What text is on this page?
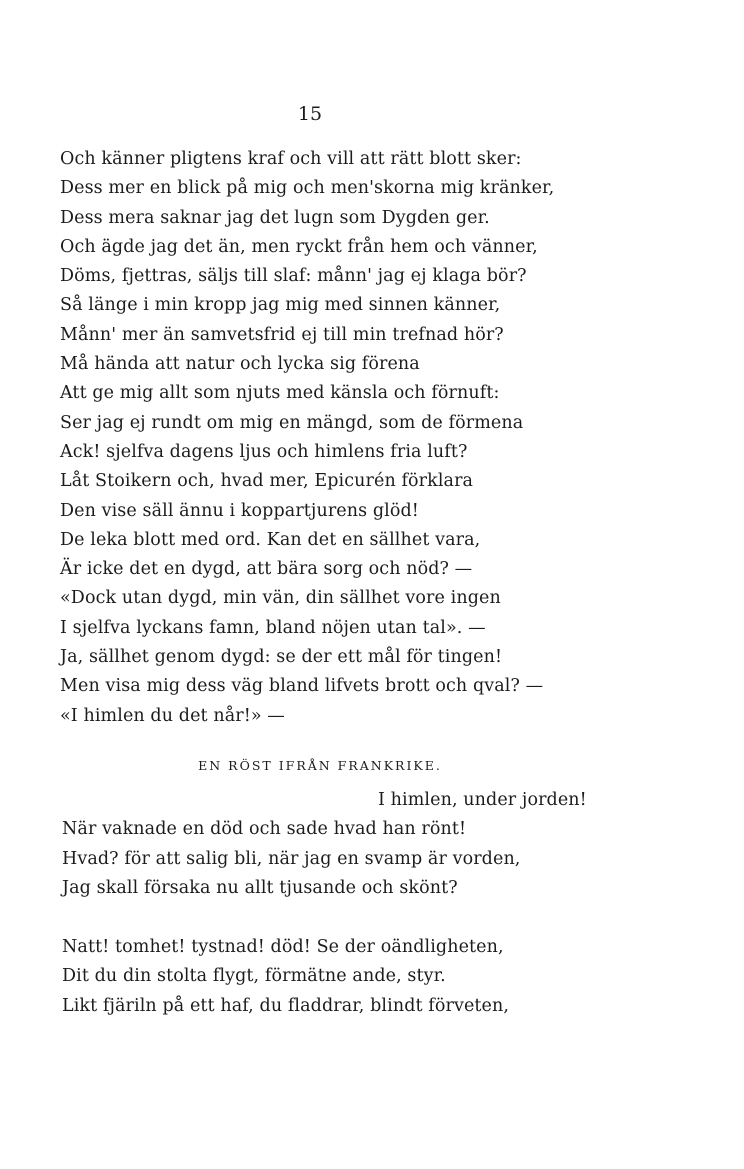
15
Och känner pligtens kraf och vill att rätt blott sker:
Dess mer en blick på mig och men'skorna mig kränker,
Dess mera saknar jag det lugn som Dygden ger.
Och ägde jag det än, men ryckt från hem och vänner,
Döms, fjettras, säljs till slaf: månn' jag ej klaga bör?
Så länge i min kropp jag mig med sinnen känner,
Månn' mer än samvetsfrid ej till min trefnad hör?
Må hända att natur och lycka sig förena
Att ge mig allt som njuts med känsla och förnuft:
Ser jag ej rundt om mig en mängd, som de förmena
Ack! sjelfva dagens ljus och himlens fria luft?
Låt Stoikern och, hvad mer, Epicurén förklara
Den vise säll ännu i koppartjurens glöd!
De leka blott med ord. Kan det en sällhet vara,
Är icke det en dygd, att bära sorg och nöd? —
«Dock utan dygd, min vän, din sällhet vore ingen
I sjelfva lyckans famn, bland nöjen utan tal». —
Ja, sällhet genom dygd: se der ett mål för tingen!
Men visa mig dess väg bland lifvets brott och qval? —
«I himlen du det når!» —
EN RÖST IFRÅN FRANKRIKE.
I himlen, under jorden!
När vaknade en död och sade hvad han rönt!
Hvad? för att salig bli, när jag en svamp är vorden,
Jag skall försaka nu allt tjusande och skönt?
Natt! tomhet! tystnad! död! Se der oändligheten,
Dit du din stolta flygt, förmätne ande, styr.
Likt fjäriln på ett haf, du fladdrar, blindt förveten,
